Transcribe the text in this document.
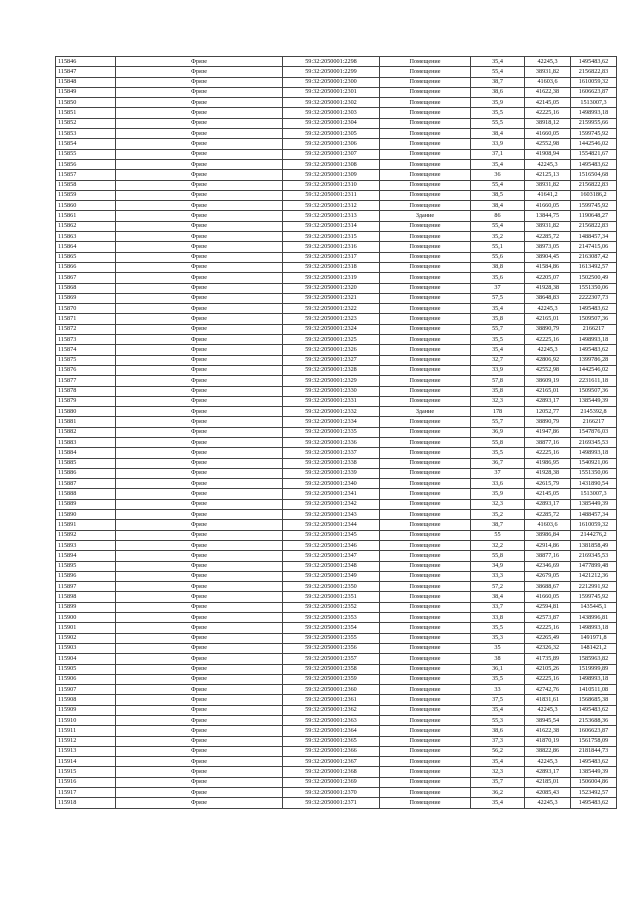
115846	Фрязе	59:32:2050001:2298	Помещение	35,4	42245,3	1495483,62
115847	Фрязе	59:32:2050001:2299	Помещение	55,4	38931,82	2156822,83
115848	Фрязе	59:32:2050001:2300	Помещение	38,7	41603,6	1610059,32
115849	Фрязе	59:32:2050001:2301	Помещение	38,6	41622,38	1606623,87
115850	Фрязе	59:32:2050001:2302	Помещение	35,9	42145,05	1513007,3
115851	Фрязе	59:32:2050001:2303	Помещение	35,5	42225,16	1498993,18
115852	Фрязе	59:32:2050001:2304	Помещение	55,5	38918,12	2159955,66
115853	Фрязе	59:32:2050001:2305	Помещение	38,4	41660,05	1599745,92
115854	Фрязе	59:32:2050001:2306	Помещение	33,9	42552,98	1442546,02
115855	Фрязе	59:32:2050001:2307	Помещение	37,1	41908,94	1554821,67
115856	Фрязе	59:32:2050001:2308	Помещение	35,4	42245,3	1495483,62
115857	Фрязе	59:32:2050001:2309	Помещение	36	42125,13	1516504,68
115858	Фрязе	59:32:2050001:2310	Помещение	55,4	38931,82	2156822,83
115859	Фрязе	59:32:2050001:2311	Помещение	38,5	41641,2	1603186,2
115860	Фрязе	59:32:2050001:2312	Помещение	38,4	41660,05	1599745,92
115861	Фрязе	59:32:2050001:2313	Здание	86	13844,75	1190648,27
115862	Фрязе	59:32:2050001:2314	Помещение	55,4	38931,82	2156822,83
115863	Фрязе	59:32:2050001:2315	Помещение	35,2	42285,72	1488457,34
115864	Фрязе	59:32:2050001:2316	Помещение	55,1	38973,05	2147415,06
115865	Фрязе	59:32:2050001:2317	Помещение	55,6	38904,45	2163087,42
115866	Фрязе	59:32:2050001:2318	Помещение	38,8	41584,86	1613492,57
115867	Фрязе	59:32:2050001:2319	Помещение	35,6	42205,07	1502500,49
115868	Фрязе	59:32:2050001:2320	Помещение	37	41928,38	1551350,06
115869	Фрязе	59:32:2050001:2321	Помещение	57,5	38648,83	2222307,73
115870	Фрязе	59:32:2050001:2322	Помещение	35,4	42245,3	1495483,62
115871	Фрязе	59:32:2050001:2323	Помещение	35,8	42165,01	1509507,36
115872	Фрязе	59:32:2050001:2324	Помещение	55,7	38890,79	2166217
115873	Фрязе	59:32:2050001:2325	Помещение	35,5	42225,16	1498993,18
115874	Фрязе	59:32:2050001:2326	Помещение	35,4	42245,3	1495483,62
115875	Фрязе	59:32:2050001:2327	Помещение	32,7	42806,92	1399786,28
115876	Фрязе	59:32:2050001:2328	Помещение	33,9	42552,98	1442546,02
115877	Фрязе	59:32:2050001:2329	Помещение	57,8	38609,19	2231611,18
115878	Фрязе	59:32:2050001:2330	Помещение	35,8	42165,01	1509507,36
115879	Фрязе	59:32:2050001:2331	Помещение	32,3	42893,17	1385449,39
115880	Фрязе	59:32:2050001:2332	Здание	178	12052,77	2145392,8
115881	Фрязе	59:32:2050001:2334	Помещение	55,7	38890,79	2166217
115882	Фрязе	59:32:2050001:2335	Помещение	36,9	41947,86	1547876,03
115883	Фрязе	59:32:2050001:2336	Помещение	55,8	38877,16	2169345,53
115884	Фрязе	59:32:2050001:2337	Помещение	35,5	42225,16	1498993,18
115885	Фрязе	59:32:2050001:2338	Помещение	36,7	41986,95	1540921,06
115886	Фрязе	59:32:2050001:2339	Помещение	37	41928,38	1551350,06
115887	Фрязе	59:32:2050001:2340	Помещение	33,6	42615,79	1431890,54
115888	Фрязе	59:32:2050001:2341	Помещение	35,9	42145,05	1513007,3
115889	Фрязе	59:32:2050001:2342	Помещение	32,3	42893,17	1385449,39
115890	Фрязе	59:32:2050001:2343	Помещение	35,2	42285,72	1488457,34
115891	Фрязе	59:32:2050001:2344	Помещение	38,7	41603,6	1610059,32
115892	Фрязе	59:32:2050001:2345	Помещение	55	38986,84	2144276,2
115893	Фрязе	59:32:2050001:2346	Помещение	32,2	42914,86	1381858,49
115894	Фрязе	59:32:2050001:2347	Помещение	55,8	38877,16	2169345,53
115895	Фрязе	59:32:2050001:2348	Помещение	34,9	42346,69	1477899,48
115896	Фрязе	59:32:2050001:2349	Помещение	33,3	42679,05	1421212,36
115897	Фрязе	59:32:2050001:2350	Помещение	57,2	38688,67	2212991,92
115898	Фрязе	59:32:2050001:2351	Помещение	38,4	41660,05	1599745,92
115899	Фрязе	59:32:2050001:2352	Помещение	33,7	42594,81	1435445,1
115900	Фрязе	59:32:2050001:2353	Помещение	33,8	42573,87	1438996,81
115901	Фрязе	59:32:2050001:2354	Помещение	35,5	42225,16	1498993,18
115902	Фрязе	59:32:2050001:2355	Помещение	35,3	42265,49	1491971,8
115903	Фрязе	59:32:2050001:2356	Помещение	35	42326,32	1481421,2
115904	Фрязе	59:32:2050001:2357	Помещение	38	41735,89	1585963,82
115905	Фрязе	59:32:2050001:2358	Помещение	36,1	42105,26	1519999,89
115906	Фрязе	59:32:2050001:2359	Помещение	35,5	42225,16	1498993,18
115907	Фрязе	59:32:2050001:2360	Помещение	33	42742,76	1410511,08
115908	Фрязе	59:32:2050001:2361	Помещение	37,5	41831,61	1568685,38
115909	Фрязе	59:32:2050001:2362	Помещение	35,4	42245,3	1495483,62
115910	Фрязе	59:32:2050001:2363	Помещение	55,3	38945,54	2153688,36
115911	Фрязе	59:32:2050001:2364	Помещение	38,6	41622,38	1606623,87
115912	Фрязе	59:32:2050001:2365	Помещение	37,3	41870,19	1561758,09
115913	Фрязе	59:32:2050001:2366	Помещение	56,2	38822,86	2181844,73
115914	Фрязе	59:32:2050001:2367	Помещение	35,4	42245,3	1495483,62
115915	Фрязе	59:32:2050001:2368	Помещение	32,3	42893,17	1385449,39
115916	Фрязе	59:32:2050001:2369	Помещение	35,7	42185,01	1506004,86
115917	Фрязе	59:32:2050001:2370	Помещение	36,2	42085,43	1523492,57
115918	Фрязе	59:32:2050001:2371	Помещение	35,4	42245,3	1495483,62
